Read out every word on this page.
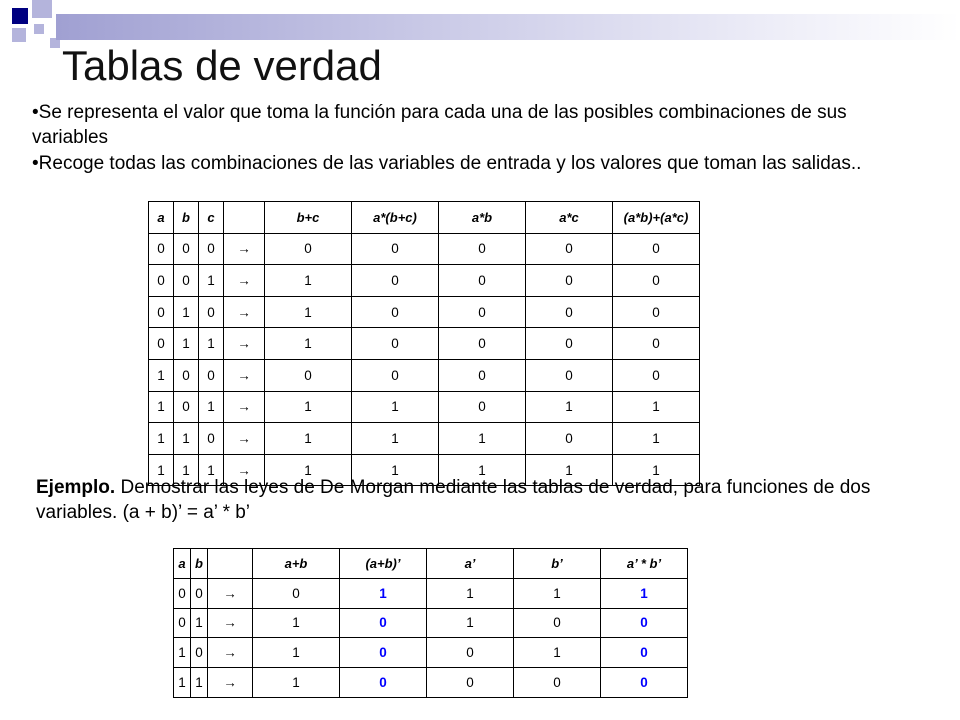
Tablas de verdad
• Se representa el valor que toma la función para cada una de las posibles combinaciones de sus variables
• Recoge todas las combinaciones de las variables de entrada y los valores que toman las salidas..
a	b	c		b+c	a*(b+c)	a*b	a*c	(a*b)+(a*c)
0	0	0	→	0	0	0	0	0
0	0	1	→	1	0	0	0	0
0	1	0	→	1	0	0	0	0
0	1	1	→	1	0	0	0	0
1	0	0	→	0	0	0	0	0
1	0	1	→	1	1	0	1	1
1	1	0	→	1	1	1	0	1
1	1	1	→	1	1	1	1	1

Ejemplo. Demostrar las leyes de De Morgan mediante las tablas de verdad, para funciones de dos variables. (a + b)’ = a’ * b’

a	b		a+b	(a+b)’	a’	b’	a’ * b’
0	0	→	0	1	1	1	1
0	1	→	1	0	1	0	0
1	0	→	1	0	0	1	0
1	1	→	1	0	0	0	0
